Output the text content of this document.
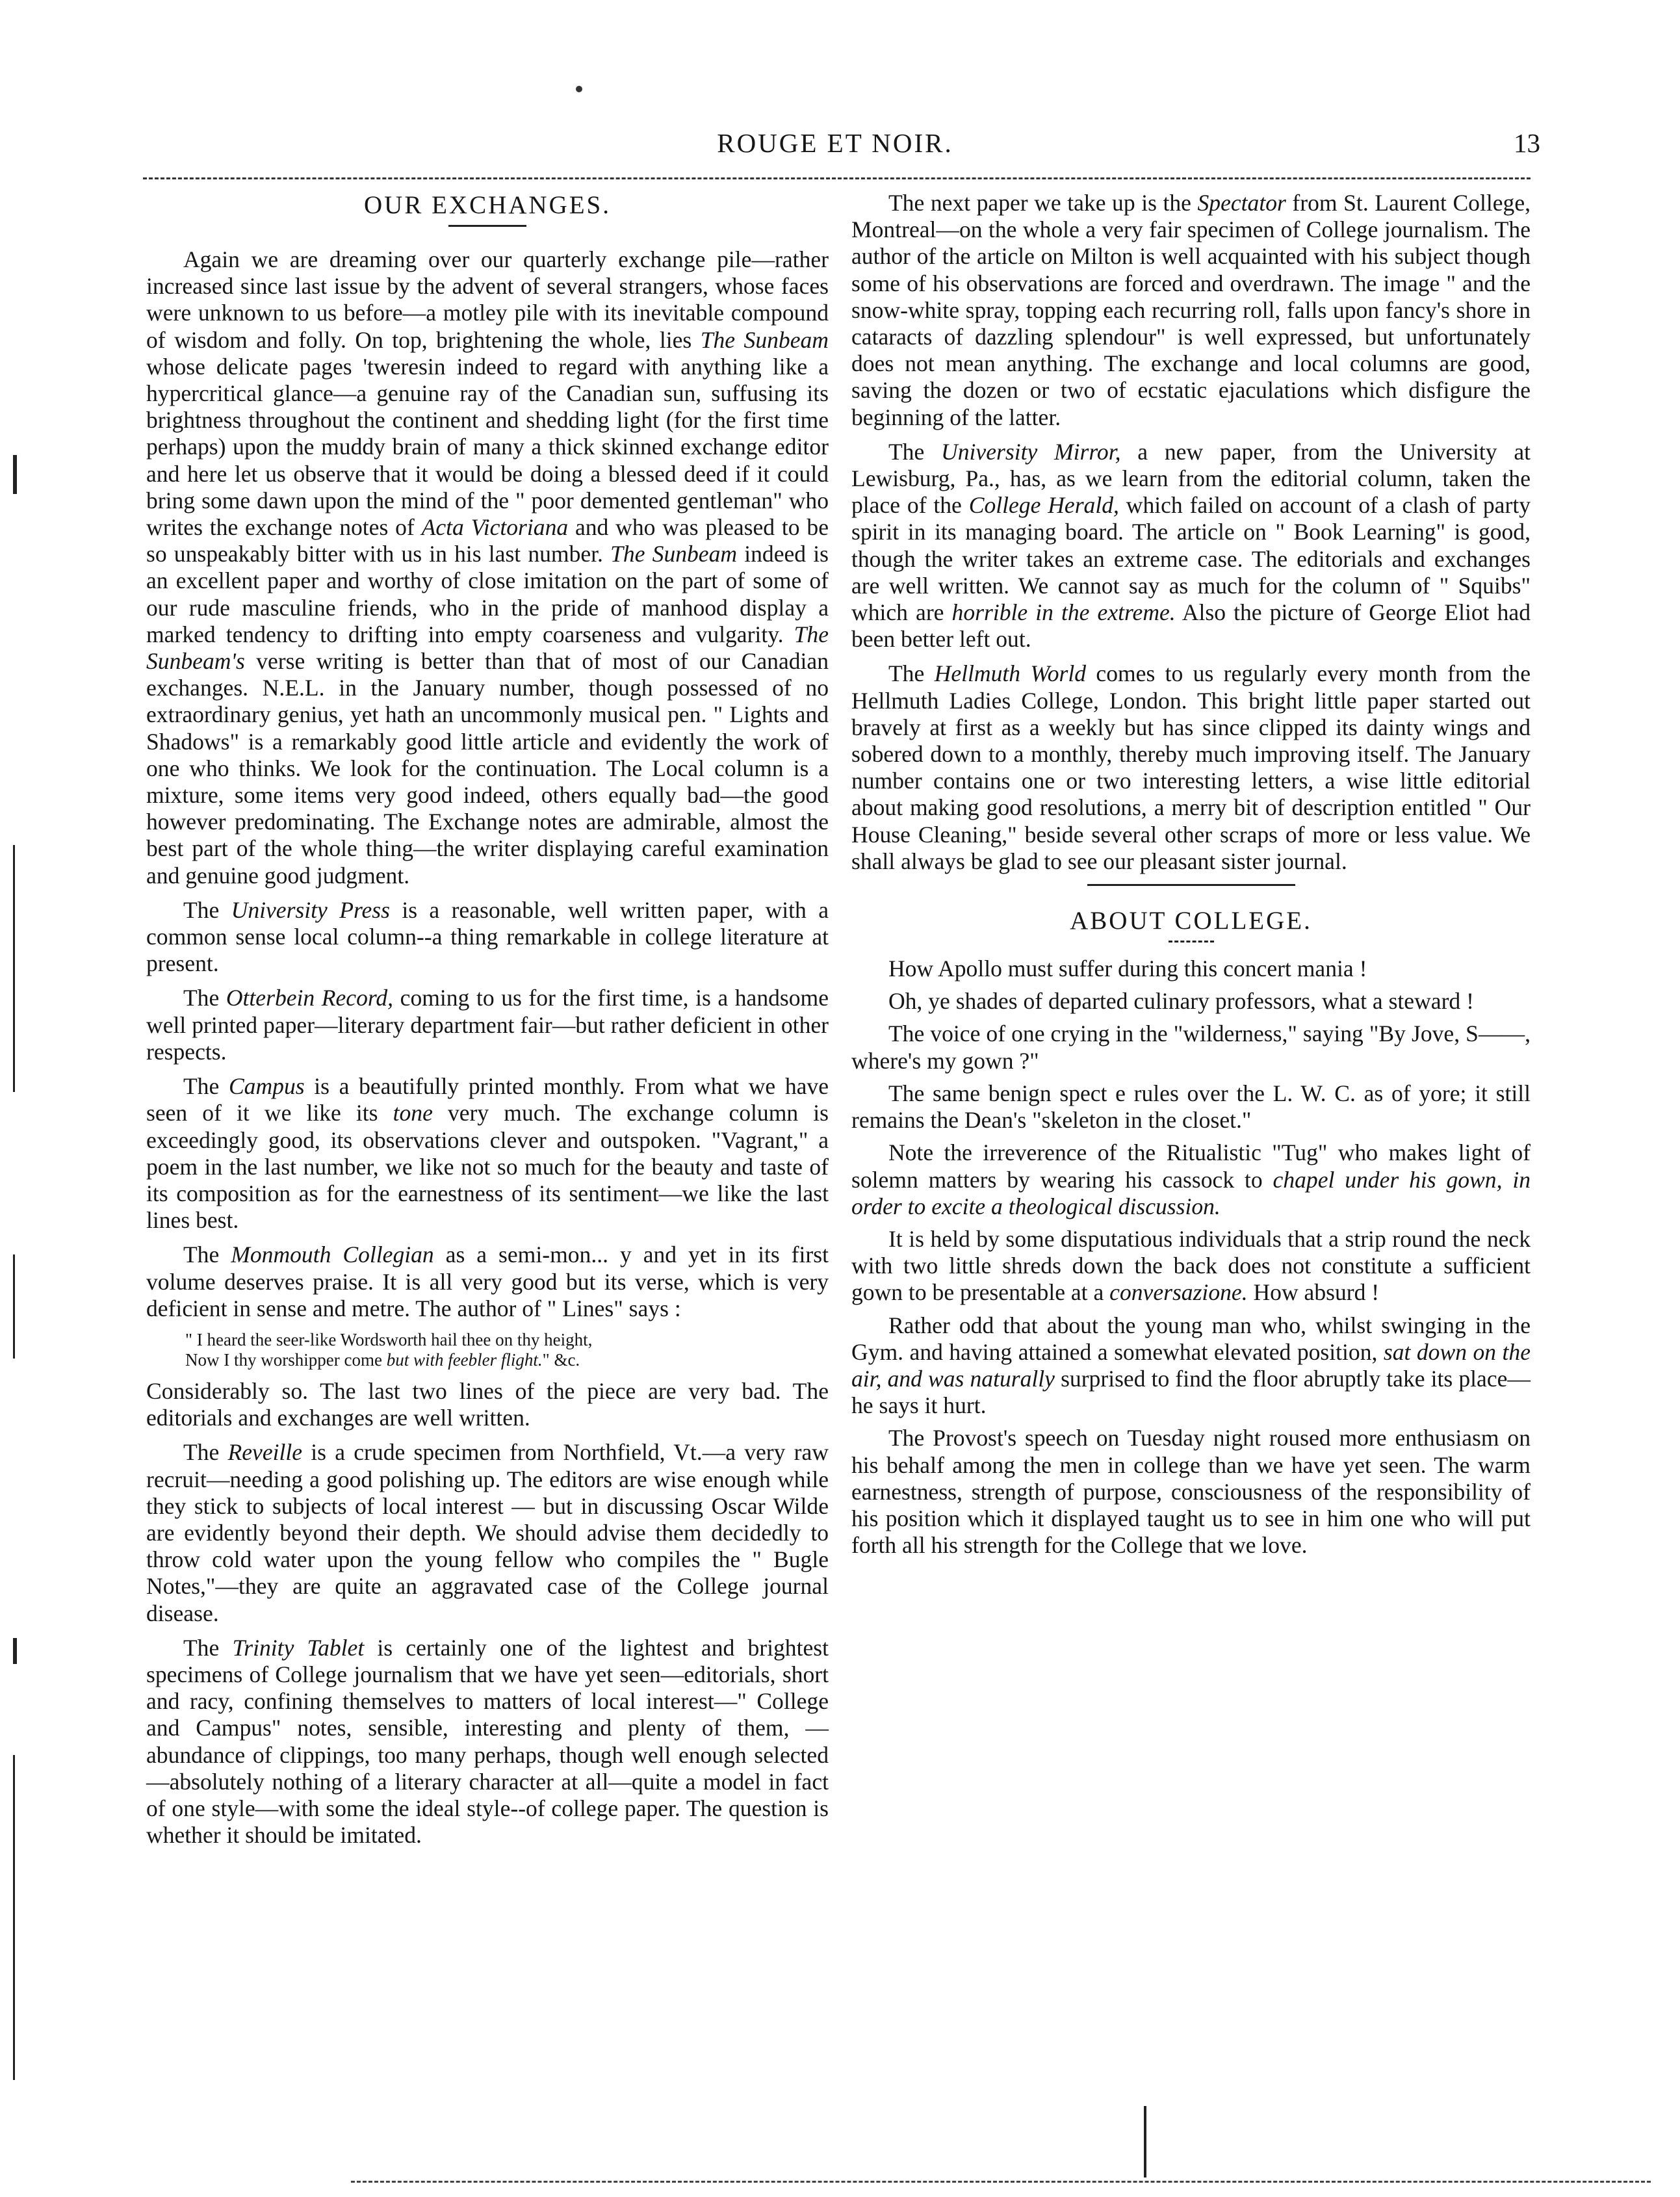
ROUGE ET NOIR.	13
OUR EXCHANGES.

Again we are dreaming over our quarterly exchange pile—rather increased since last issue by the advent of several strangers, whose faces were unknown to us before—a motley pile with its inevitable compound of wisdom and folly. On top, brightening the whole, lies The Sunbeam whose delicate pages 'tweresin indeed to regard with anything like a hypercritical glance—a genuine ray of the Canadian sun, suffusing its brightness throughout the continent and shedding light (for the first time perhaps) upon the muddy brain of many a thick skinned exchange editor and here let us observe that it would be doing a blessed deed if it could bring some dawn upon the mind of the " poor demented gentleman" who writes the exchange notes of Acta Victoriana and who was pleased to be so unspeakably bitter with us in his last number. The Sunbeam indeed is an excellent paper and worthy of close imitation on the part of some of our rude masculine friends, who in the pride of manhood display a marked tendency to drifting into empty coarseness and vulgarity. The Sunbeam's verse writing is better than that of most of our Canadian exchanges. N.E.L. in the January number, though possessed of no extraordinary genius, yet hath an uncommonly musical pen. " Lights and Shadows" is a remarkably good little article and evidently the work of one who thinks. We look for the continuation. The Local column is a mixture, some items very good indeed, others equally bad—the good however predominating. The Exchange notes are admirable, almost the best part of the whole thing—the writer displaying careful examination and genuine good judgment.

The University Press is a reasonable, well written paper, with a common sense local column--a thing remarkable in college literature at present.

The Otterbein Record, coming to us for the first time, is a handsome well printed paper—literary department fair—but rather deficient in other respects.

The Campus is a beautifully printed monthly. From what we have seen of it we like its tone very much. The exchange column is exceedingly good, its observations clever and outspoken. "Vagrant," a poem in the last number, we like not so much for the beauty and taste of its composition as for the earnestness of its sentiment—we like the last lines best.

The Monmouth Collegian as a semi-mon... y and yet in its first volume deserves praise. It is all very good but its verse, which is very deficient in sense and metre. The author of " Lines" says :

" I heard the seer-like Wordsworth hail thee on thy height,
Now I thy worshipper come but with feebler flight." &c.

Considerably so. The last two lines of the piece are very bad. The editorials and exchanges are well written.

The Reveille is a crude specimen from Northfield, Vt.—a very raw recruit—needing a good polishing up. The editors are wise enough while they stick to subjects of local interest — but in discussing Oscar Wilde are evidently beyond their depth. We should advise them decidedly to throw cold water upon the young fellow who compiles the " Bugle Notes,"—they are quite an aggravated case of the College journal disease.

The Trinity Tablet is certainly one of the lightest and brightest specimens of College journalism that we have yet seen—editorials, short and racy, confining themselves to matters of local interest—" College and Campus" notes, sensible, interesting and plenty of them, —abundance of clippings, too many perhaps, though well enough selected—absolutely nothing of a literary character at all—quite a model in fact of one style—with some the ideal style--of college paper. The question is whether it should be imitated.

The next paper we take up is the Spectator from St. Laurent College, Montreal—on the whole a very fair specimen of College journalism. The author of the article on Milton is well acquainted with his subject though some of his observations are forced and overdrawn. The image " and the snow-white spray, topping each recurring roll, falls upon fancy's shore in cataracts of dazzling splendour" is well expressed, but unfortunately does not mean anything. The exchange and local columns are good, saving the dozen or two of ecstatic ejaculations which disfigure the beginning of the latter.

The University Mirror, a new paper, from the University at Lewisburg, Pa., has, as we learn from the editorial column, taken the place of the College Herald, which failed on account of a clash of party spirit in its managing board. The article on " Book Learning" is good, though the writer takes an extreme case. The editorials and exchanges are well written. We cannot say as much for the column of " Squibs" which are horrible in the extreme. Also the picture of George Eliot had been better left out.

The Hellmuth World comes to us regularly every month from the Hellmuth Ladies College, London. This bright little paper started out bravely at first as a weekly but has since clipped its dainty wings and sobered down to a monthly, thereby much improving itself. The January number contains one or two interesting letters, a wise little editorial about making good resolutions, a merry bit of description entitled " Our House Cleaning," beside several other scraps of more or less value. We shall always be glad to see our pleasant sister journal.

ABOUT COLLEGE.

How Apollo must suffer during this concert mania !

Oh, ye shades of departed culinary professors, what a steward !

The voice of one crying in the "wilderness," saying "By Jove, S——, where's my gown ?"

The same benign spect e rules over the L. W. C. as of yore; it still remains the Dean's "skeleton in the closet."

Note the irreverence of the Ritualistic "Tug" who makes light of solemn matters by wearing his cassock to chapel under his gown, in order to excite a theological discussion.

It is held by some disputatious individuals that a strip round the neck with two little shreds down the back does not constitute a sufficient gown to be presentable at a conversazione. How absurd !

Rather odd that about the young man who, whilst swinging in the Gym. and having attained a somewhat elevated position, sat down on the air, and was naturally surprised to find the floor abruptly take its place—he says it hurt.

The Provost's speech on Tuesday night roused more enthusiasm on his behalf among the men in college than we have yet seen. The warm earnestness, strength of purpose, consciousness of the responsibility of his position which it displayed taught us to see in him one who will put forth all his strength for the College that we love.
